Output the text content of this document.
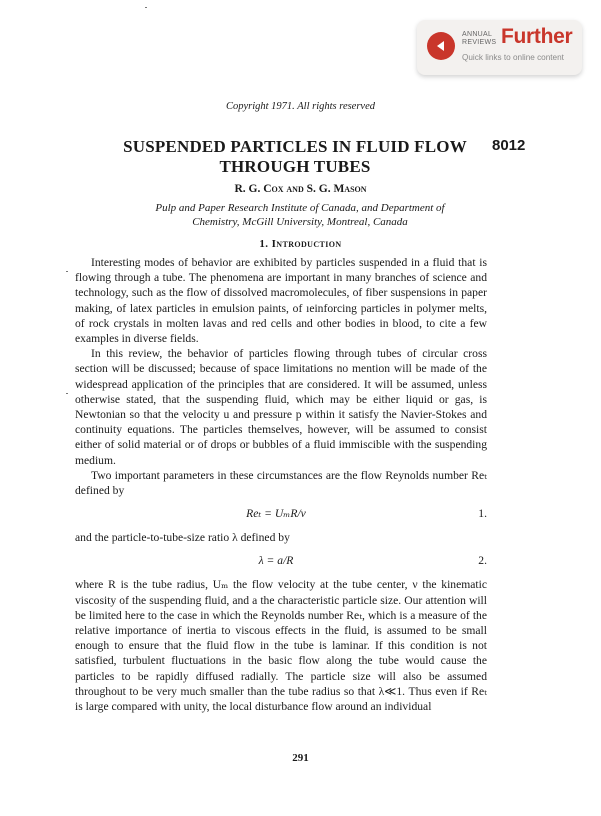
ANNUAL
REVIEWS Further
Quick links to online content
Copyright 1971. All rights reserved
SUSPENDED PARTICLES IN FLUID FLOW
THROUGH TUBES
8012
R. G. Cox and S. G. Mason
Pulp and Paper Research Institute of Canada, and Department of
Chemistry, McGill University, Montreal, Canada
1. Introduction

Interesting modes of behavior are exhibited by particles suspended in a fluid that is flowing through a tube. The phenomena are important in many branches of science and technology, such as the flow of dissolved macromolecules, of fiber suspensions in paper making, of latex particles in emulsion paints, of ıeinforcing particles in polymer melts, of rock crystals in molten lavas and red cells and other bodies in blood, to cite a few examples in diverse fields.

In this review, the behavior of particles flowing through tubes of circular cross section will be discussed; because of space limitations no mention will be made of the widespread application of the principles that are considered. It will be assumed, unless otherwise stated, that the suspending fluid, which may be either liquid or gas, is Newtonian so that the velocity u and pressure p within it satisfy the Navier-Stokes and continuity equations. The particles themselves, however, will be assumed to consist either of solid material or of drops or bubbles of a fluid immiscible with the suspending medium.

Two important parameters in these circumstances are the flow Reynolds number Reₜ defined by

Reₜ = UₘR/ν	1.

and the particle-to-tube-size ratio λ defined by

λ = a/R	2.

where R is the tube radius, Uₘ the flow velocity at the tube center, ν the kinematic viscosity of the suspending fluid, and a the characteristic particle size. Our attention will be limited here to the case in which the Reynolds number Reₜ, which is a measure of the relative importance of inertia to viscous effects in the fluid, is assumed to be small enough to ensure that the fluid flow in the tube is laminar. If this condition is not satisfied, turbulent fluctuations in the basic flow along the tube would cause the particles to be rapidly diffused radially. The particle size will also be assumed throughout to be very much smaller than the tube radius so that λ≪1. Thus even if Reₜ is large compared with unity, the local disturbance flow around an individual

291
